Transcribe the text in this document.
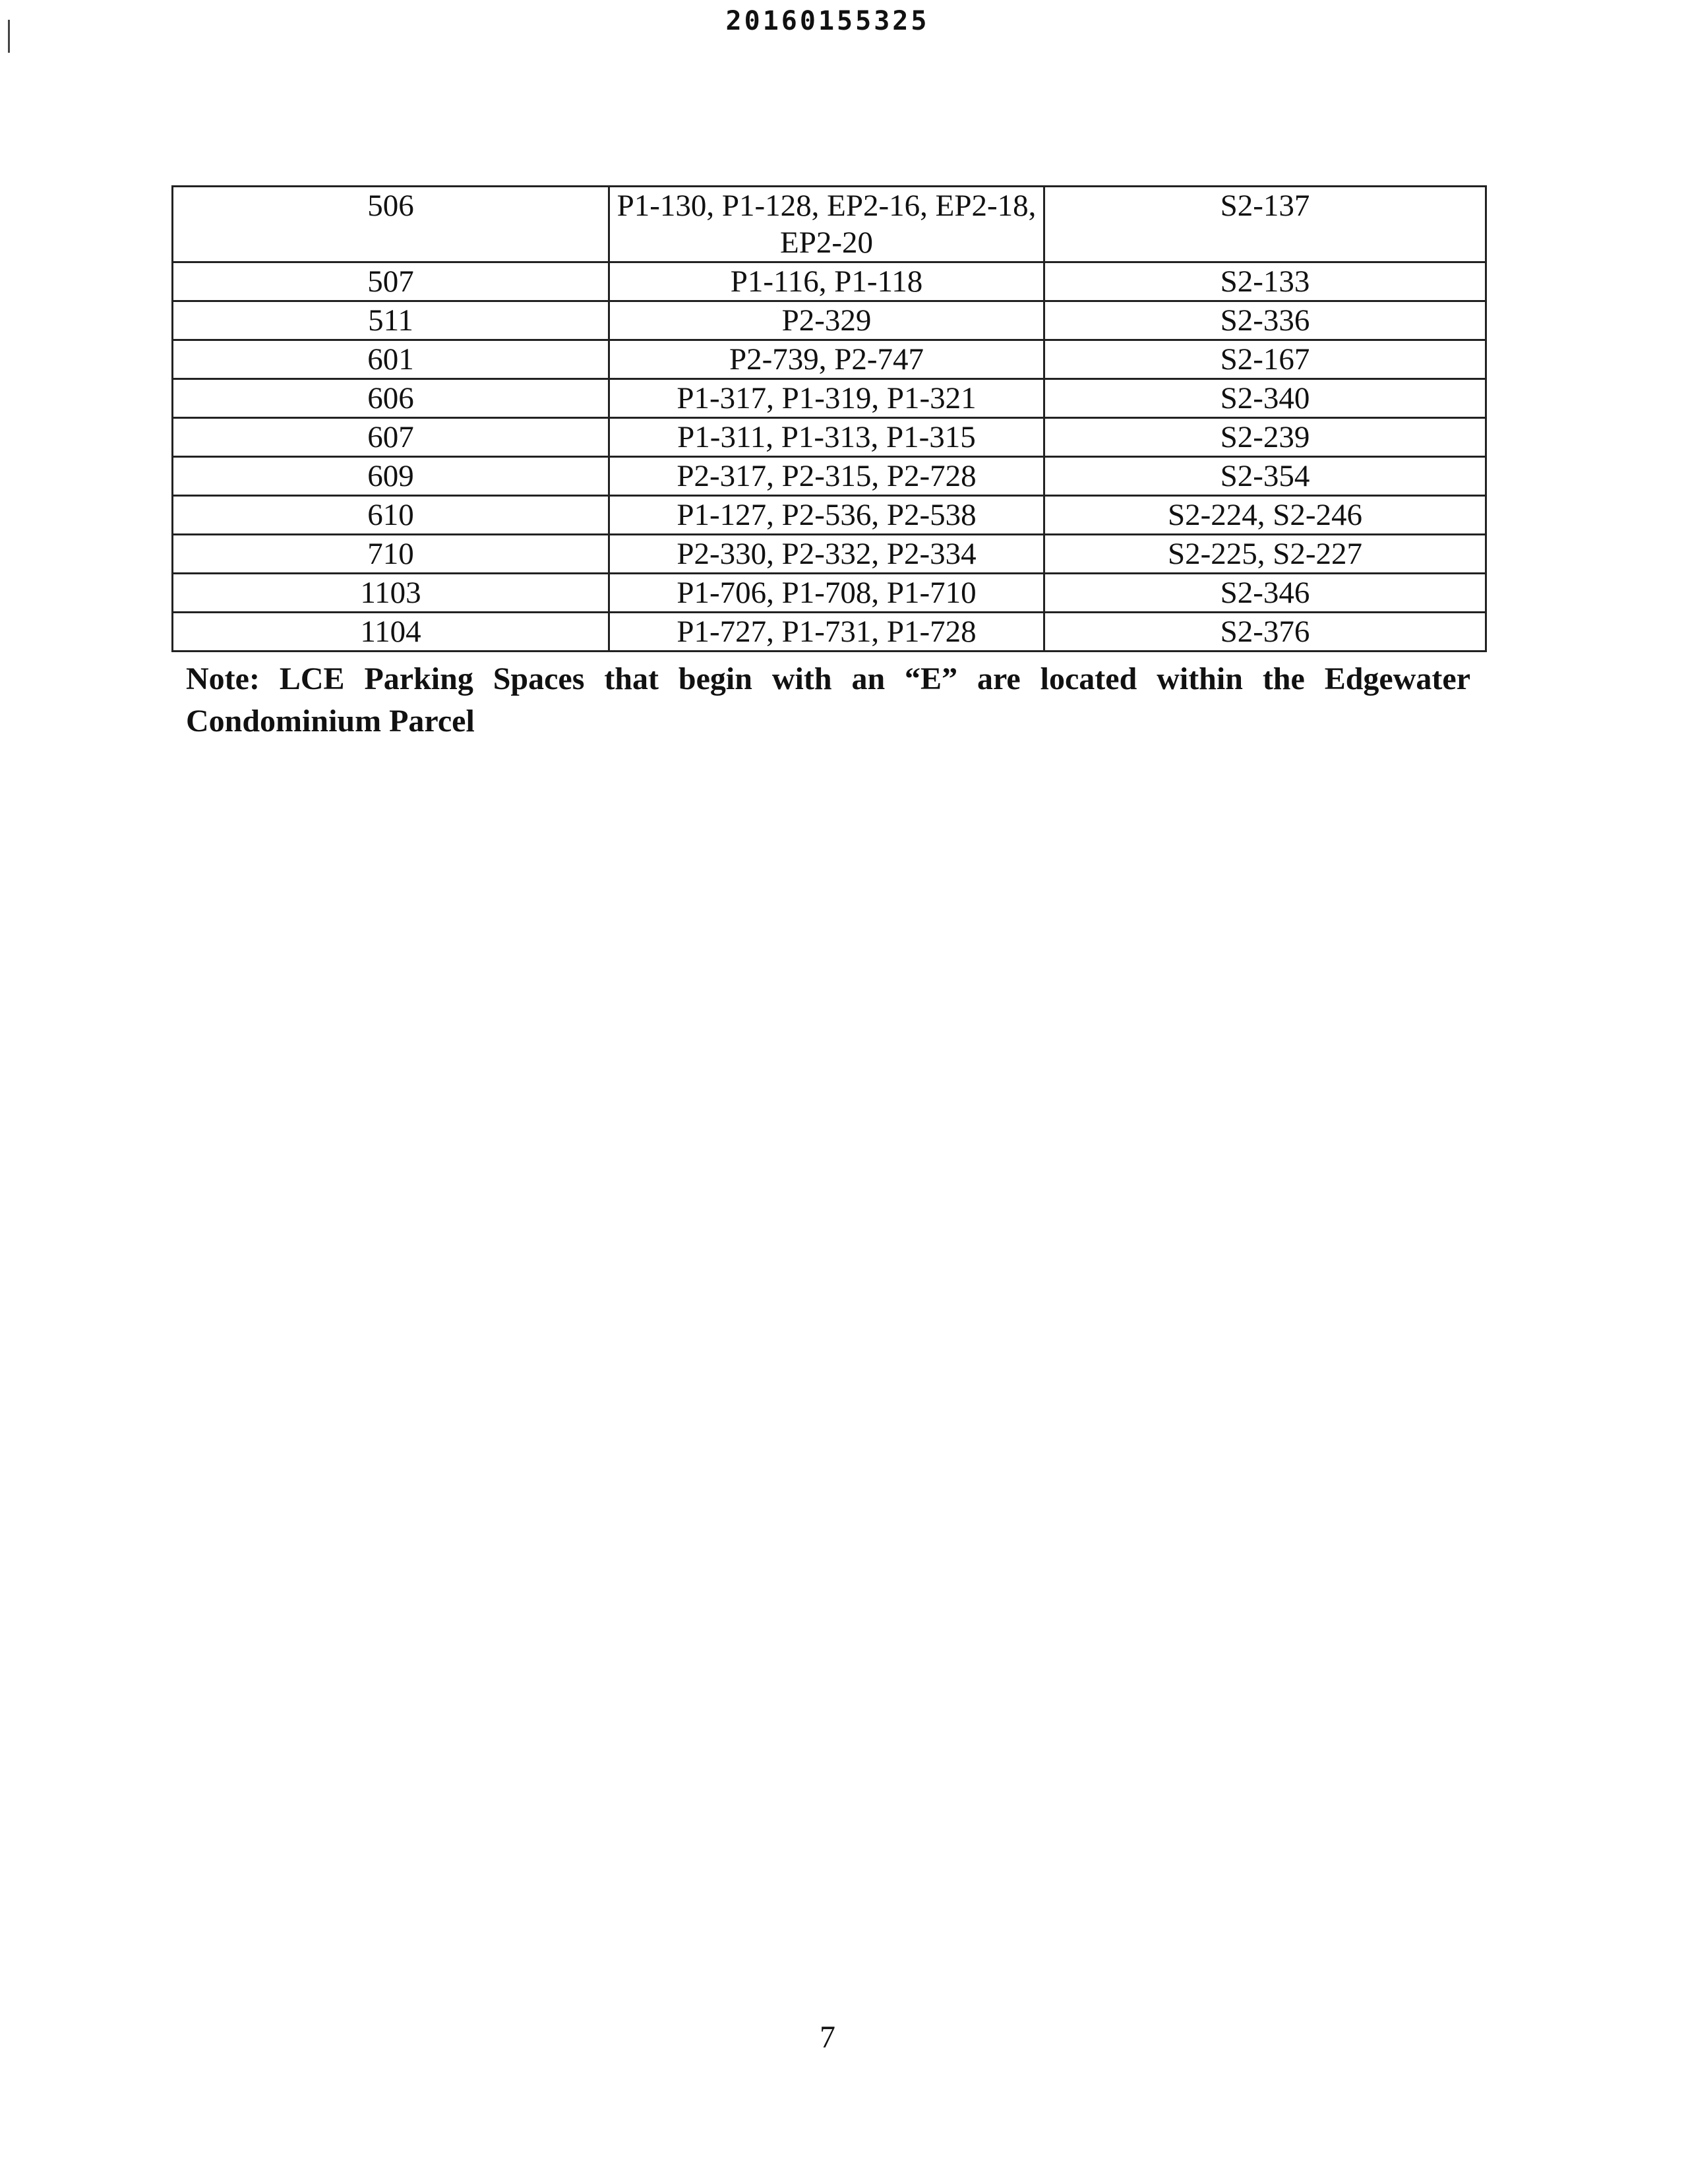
20160155325
506	P1-130, P1-128, EP2-16, EP2-18, EP2-20	S2-137
507	P1-116, P1-118	S2-133
511	P2-329	S2-336
601	P2-739, P2-747	S2-167
606	P1-317, P1-319, P1-321	S2-340
607	P1-311, P1-313, P1-315	S2-239
609	P2-317, P2-315, P2-728	S2-354
610	P1-127, P2-536, P2-538	S2-224, S2-246
710	P2-330, P2-332, P2-334	S2-225, S2-227
1103	P1-706, P1-708, P1-710	S2-346
1104	P1-727, P1-731, P1-728	S2-376
Note: LCE Parking Spaces that begin with an “E” are located within the Edgewater Condominium Parcel
7
